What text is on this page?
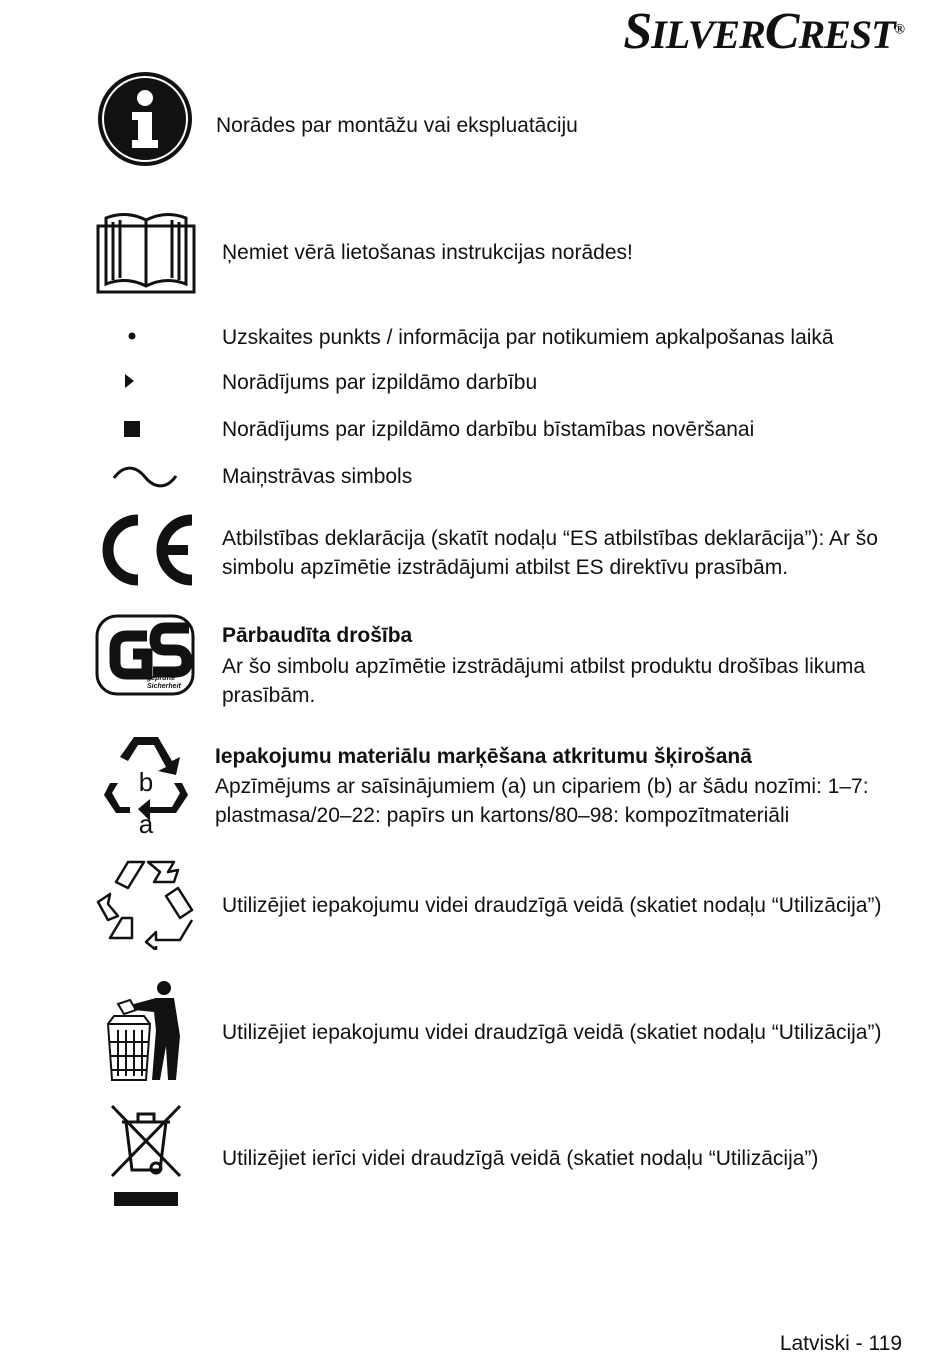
SILVERCREST®
Norādes par montāžu vai ekspluatāciju
Ņemiet vērā lietošanas instrukcijas norādes!
Uzskaites punkts / informācija par notikumiem apkalpošanas laikā
Norādījums par izpildāmo darbību
Norādījums par izpildāmo darbību bīstamības novēršanai
Maiņstrāvas simbols
Atbilstības deklarācija (skatīt nodaļu “ES atbilstības deklarācija”): Ar šo simbolu apzīmētie izstrādājumi atbilst ES direktīvu prasībām.
geprüfte
Sicherheit
Pārbaudīta drošība
Ar šo simbolu apzīmētie izstrādājumi atbilst produktu drošības likuma prasībām.
b
a
Iepakojumu materiālu marķēšana atkritumu šķirošanā
Apzīmējums ar saīsinājumiem (a) un cipariem (b) ar šādu nozīmi: 1–7: plastmasa/20–22: papīrs un kartons/80–98: kompozītmateriāli
Utilizējiet iepakojumu videi draudzīgā veidā (skatiet nodaļu “Utilizācija”)
Utilizējiet iepakojumu videi draudzīgā veidā (skatiet nodaļu “Utilizācija”)
Utilizējiet ierīci videi draudzīgā veidā (skatiet nodaļu “Utilizācija”)
Latviski - 119
